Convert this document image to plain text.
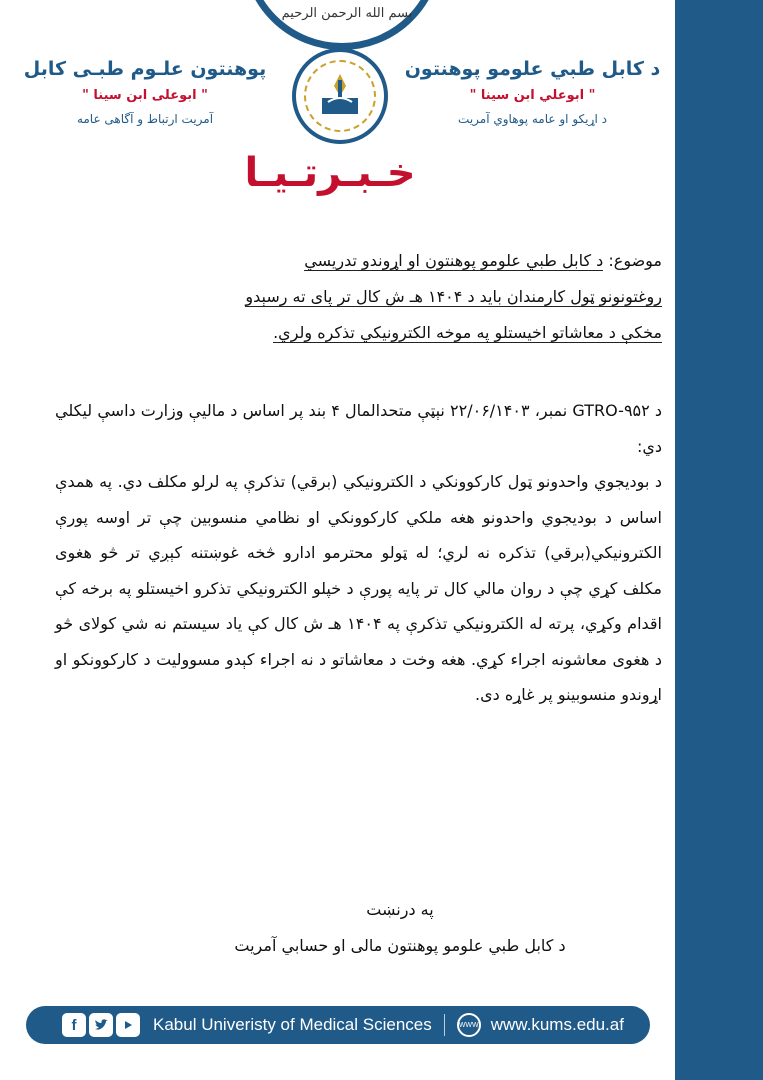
بسم الله الرحمن الرحیم

د کابل طبي علومو پوهنتون

" ابوعلي ابن سینا "

د اړیکو او عامه پوهاوي آمریت

پوهنتون علـوم طبـی کابل

" ابوعلی ابن سینا "

آمریت ارتباط و آگاهی عامه

خـبـرتـیـا
موضوع: د کابل طبي علومو پوهنتون او اړوندو تدریسي
روغتونونو ټول کارمندان باید د ۱۴۰۴ هـ ش کال تر پای ته رسېدو
مخکې د معاشاتو اخیستلو په موخه الکترونیکي تذکره ولري.
د GTRO-۹۵۲ نمبر، ۲۲/۰۶/۱۴۰۳ نېټې متحدالمال ۴ بند پر اساس د مالیې وزارت داسې لیکلي دي:
د بودیجوي واحدونو ټول کارکوونکي د الکترونیکي (برقي) تذکرې په لرلو مکلف دي. په همدې اساس د بودیجوي واحدونو هغه ملکي کارکوونکي او نظامي منسوبین چې تر اوسه پورې الکترونیکي(برقي) تذکره نه لري؛ له ټولو محترمو ادارو څخه غوښتنه کېږي تر څو هغوی مکلف کړي چې د روان مالي کال تر پایه پورې د خپلو الکترونیکي تذکرو اخیستلو په برخه کې اقدام وکړي، پرته له الکترونیکي تذکرې په ۱۴۰۴ هـ ش کال کې یاد سیستم نه شي کولای څو د هغوی معاشونه اجراء کړي. هغه وخت د معاشاتو د نه اجراء کېدو مسوولیت د کارکوونکو او اړوندو منسوبینو پر غاړه دی.
په درنښت
د کابل طبي علومو پوهنتون مالی او حسابي آمریت
f	Kabul Univeristy of Medical Sciences	WWW www.kums.edu.af
